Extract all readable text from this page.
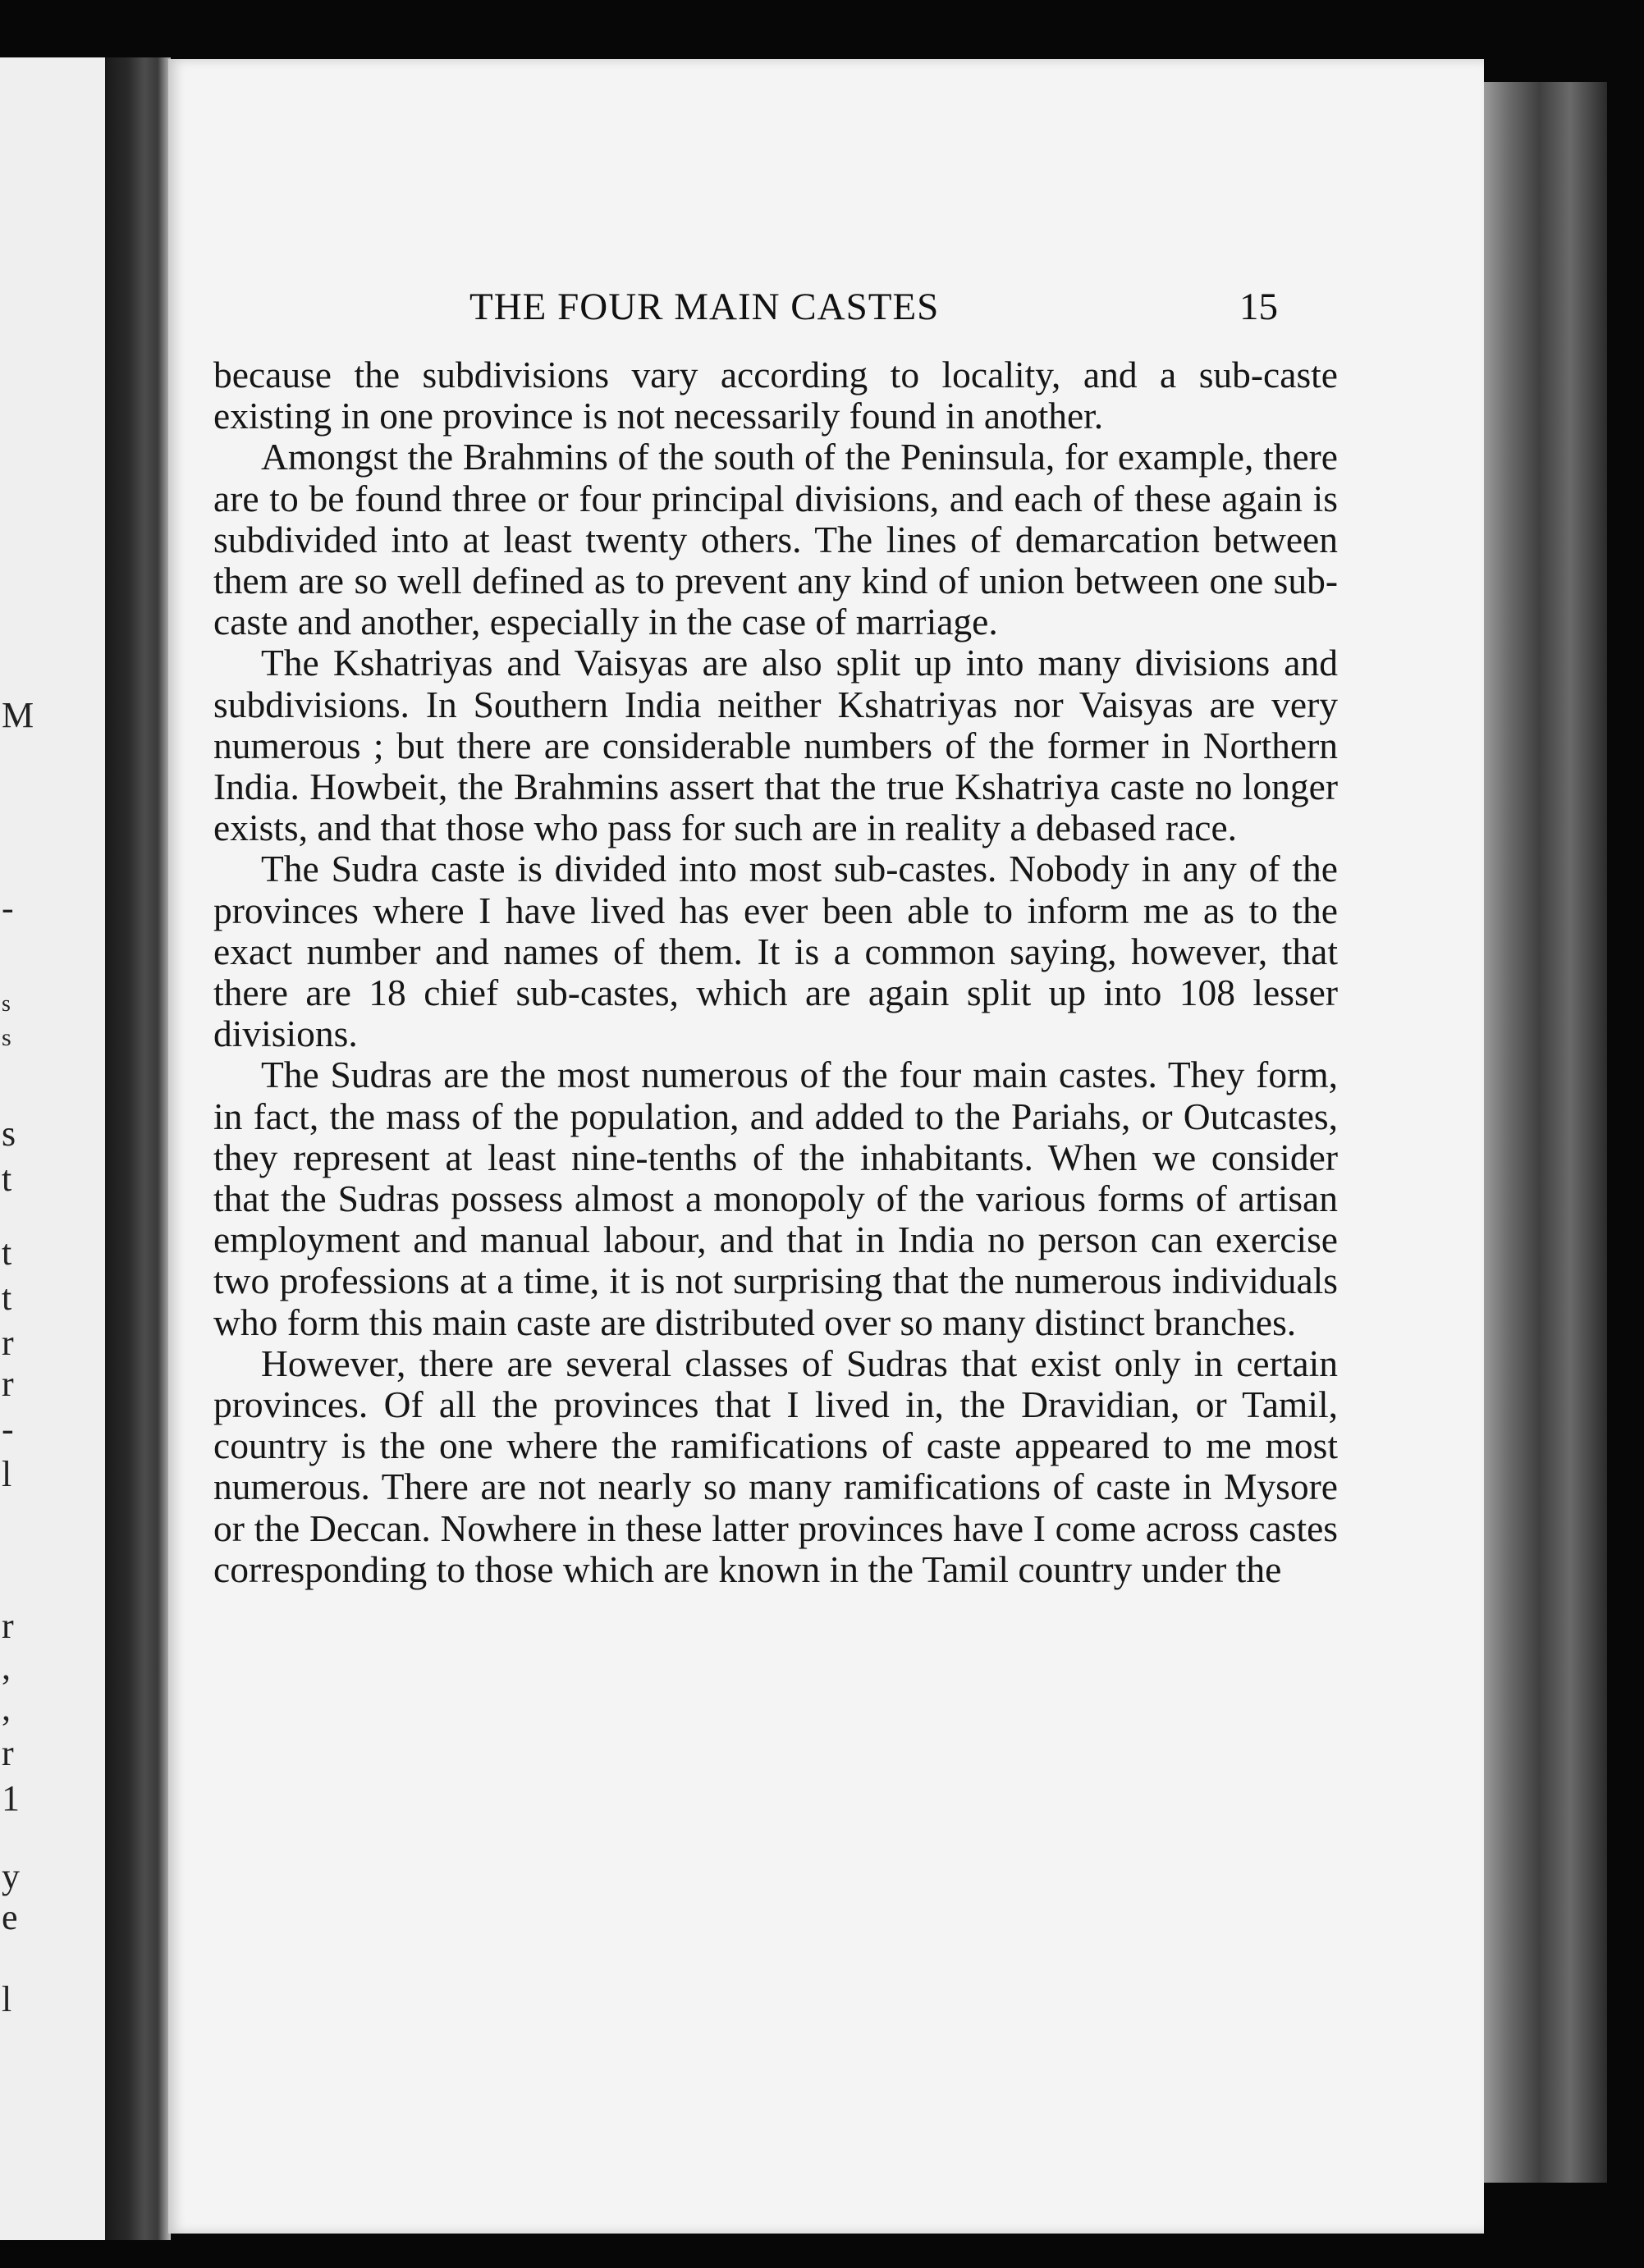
M
-
s
s
s
t
t
t
r
r
-
l
r
,
,
r
1
y
e
l
THE FOUR MAIN CASTES	15

because the subdivisions vary according to locality, and a sub-caste existing in one province is not necessarily found in another.

Amongst the Brahmins of the south of the Peninsula, for example, there are to be found three or four principal divisions, and each of these again is subdivided into at least twenty others. The lines of demarcation between them are so well defined as to prevent any kind of union between one sub-caste and another, especially in the case of marriage.

The Kshatriyas and Vaisyas are also split up into many divisions and subdivisions. In Southern India neither Kshatriyas nor Vaisyas are very numerous ; but there are considerable numbers of the former in Northern India. Howbeit, the Brahmins assert that the true Kshatriya caste no longer exists, and that those who pass for such are in reality a debased race.

The Sudra caste is divided into most sub-castes. Nobody in any of the provinces where I have lived has ever been able to inform me as to the exact number and names of them. It is a common saying, however, that there are 18 chief sub-castes, which are again split up into 108 lesser divisions.

The Sudras are the most numerous of the four main castes. They form, in fact, the mass of the population, and added to the Pariahs, or Outcastes, they represent at least nine-tenths of the inhabitants. When we consider that the Sudras possess almost a monopoly of the various forms of artisan employment and manual labour, and that in India no person can exercise two professions at a time, it is not surprising that the numerous individuals who form this main caste are distributed over so many distinct branches.

However, there are several classes of Sudras that exist only in certain provinces. Of all the provinces that I lived in, the Dravidian, or Tamil, country is the one where the ramifications of caste appeared to me most numerous. There are not nearly so many ramifications of caste in Mysore or the Deccan. Nowhere in these latter provinces have I come across castes corresponding to those which are known in the Tamil country under the
